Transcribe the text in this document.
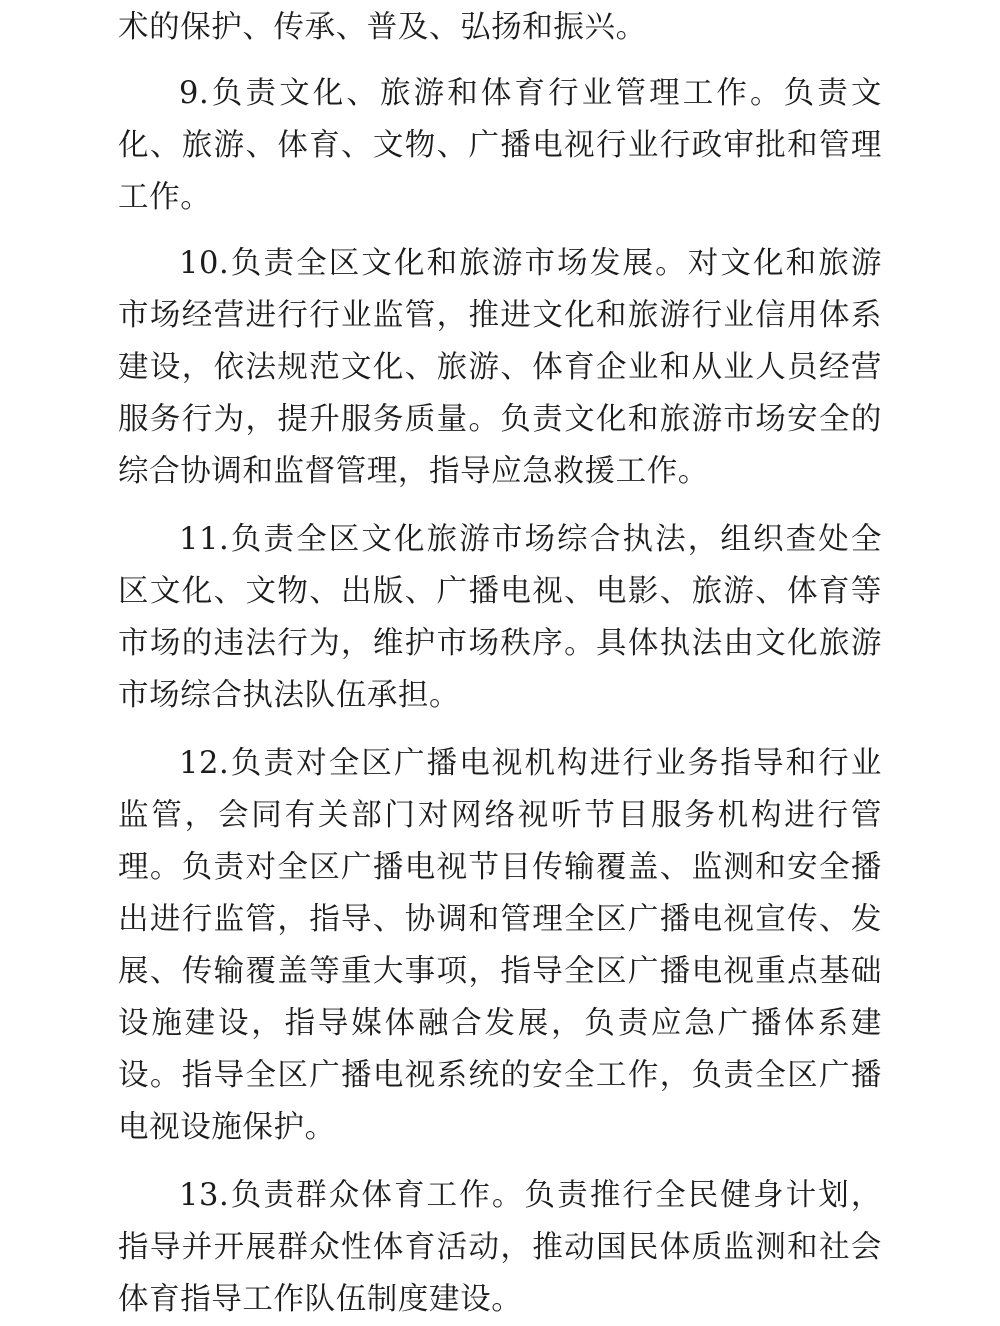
术的保护、传承、普及、弘扬和振兴。

9.负责文化、旅游和体育行业管理工作。负责文化、旅游、体育、文物、广播电视行业行政审批和管理工作。

10.负责全区文化和旅游市场发展。对文化和旅游市场经营进行行业监管，推进文化和旅游行业信用体系建设，依法规范文化、旅游、体育企业和从业人员经营服务行为，提升服务质量。负责文化和旅游市场安全的综合协调和监督管理，指导应急救援工作。

11.负责全区文化旅游市场综合执法，组织查处全区文化、文物、出版、广播电视、电影、旅游、体育等市场的违法行为，维护市场秩序。具体执法由文化旅游市场综合执法队伍承担。

12.负责对全区广播电视机构进行业务指导和行业监管，会同有关部门对网络视听节目服务机构进行管理。负责对全区广播电视节目传输覆盖、监测和安全播出进行监管，指导、协调和管理全区广播电视宣传、发展、传输覆盖等重大事项，指导全区广播电视重点基础设施建设，指导媒体融合发展，负责应急广播体系建设。指导全区广播电视系统的安全工作，负责全区广播电视设施保护。

13.负责群众体育工作。负责推行全民健身计划，指导并开展群众性体育活动，推动国民体质监测和社会体育指导工作队伍制度建设。
